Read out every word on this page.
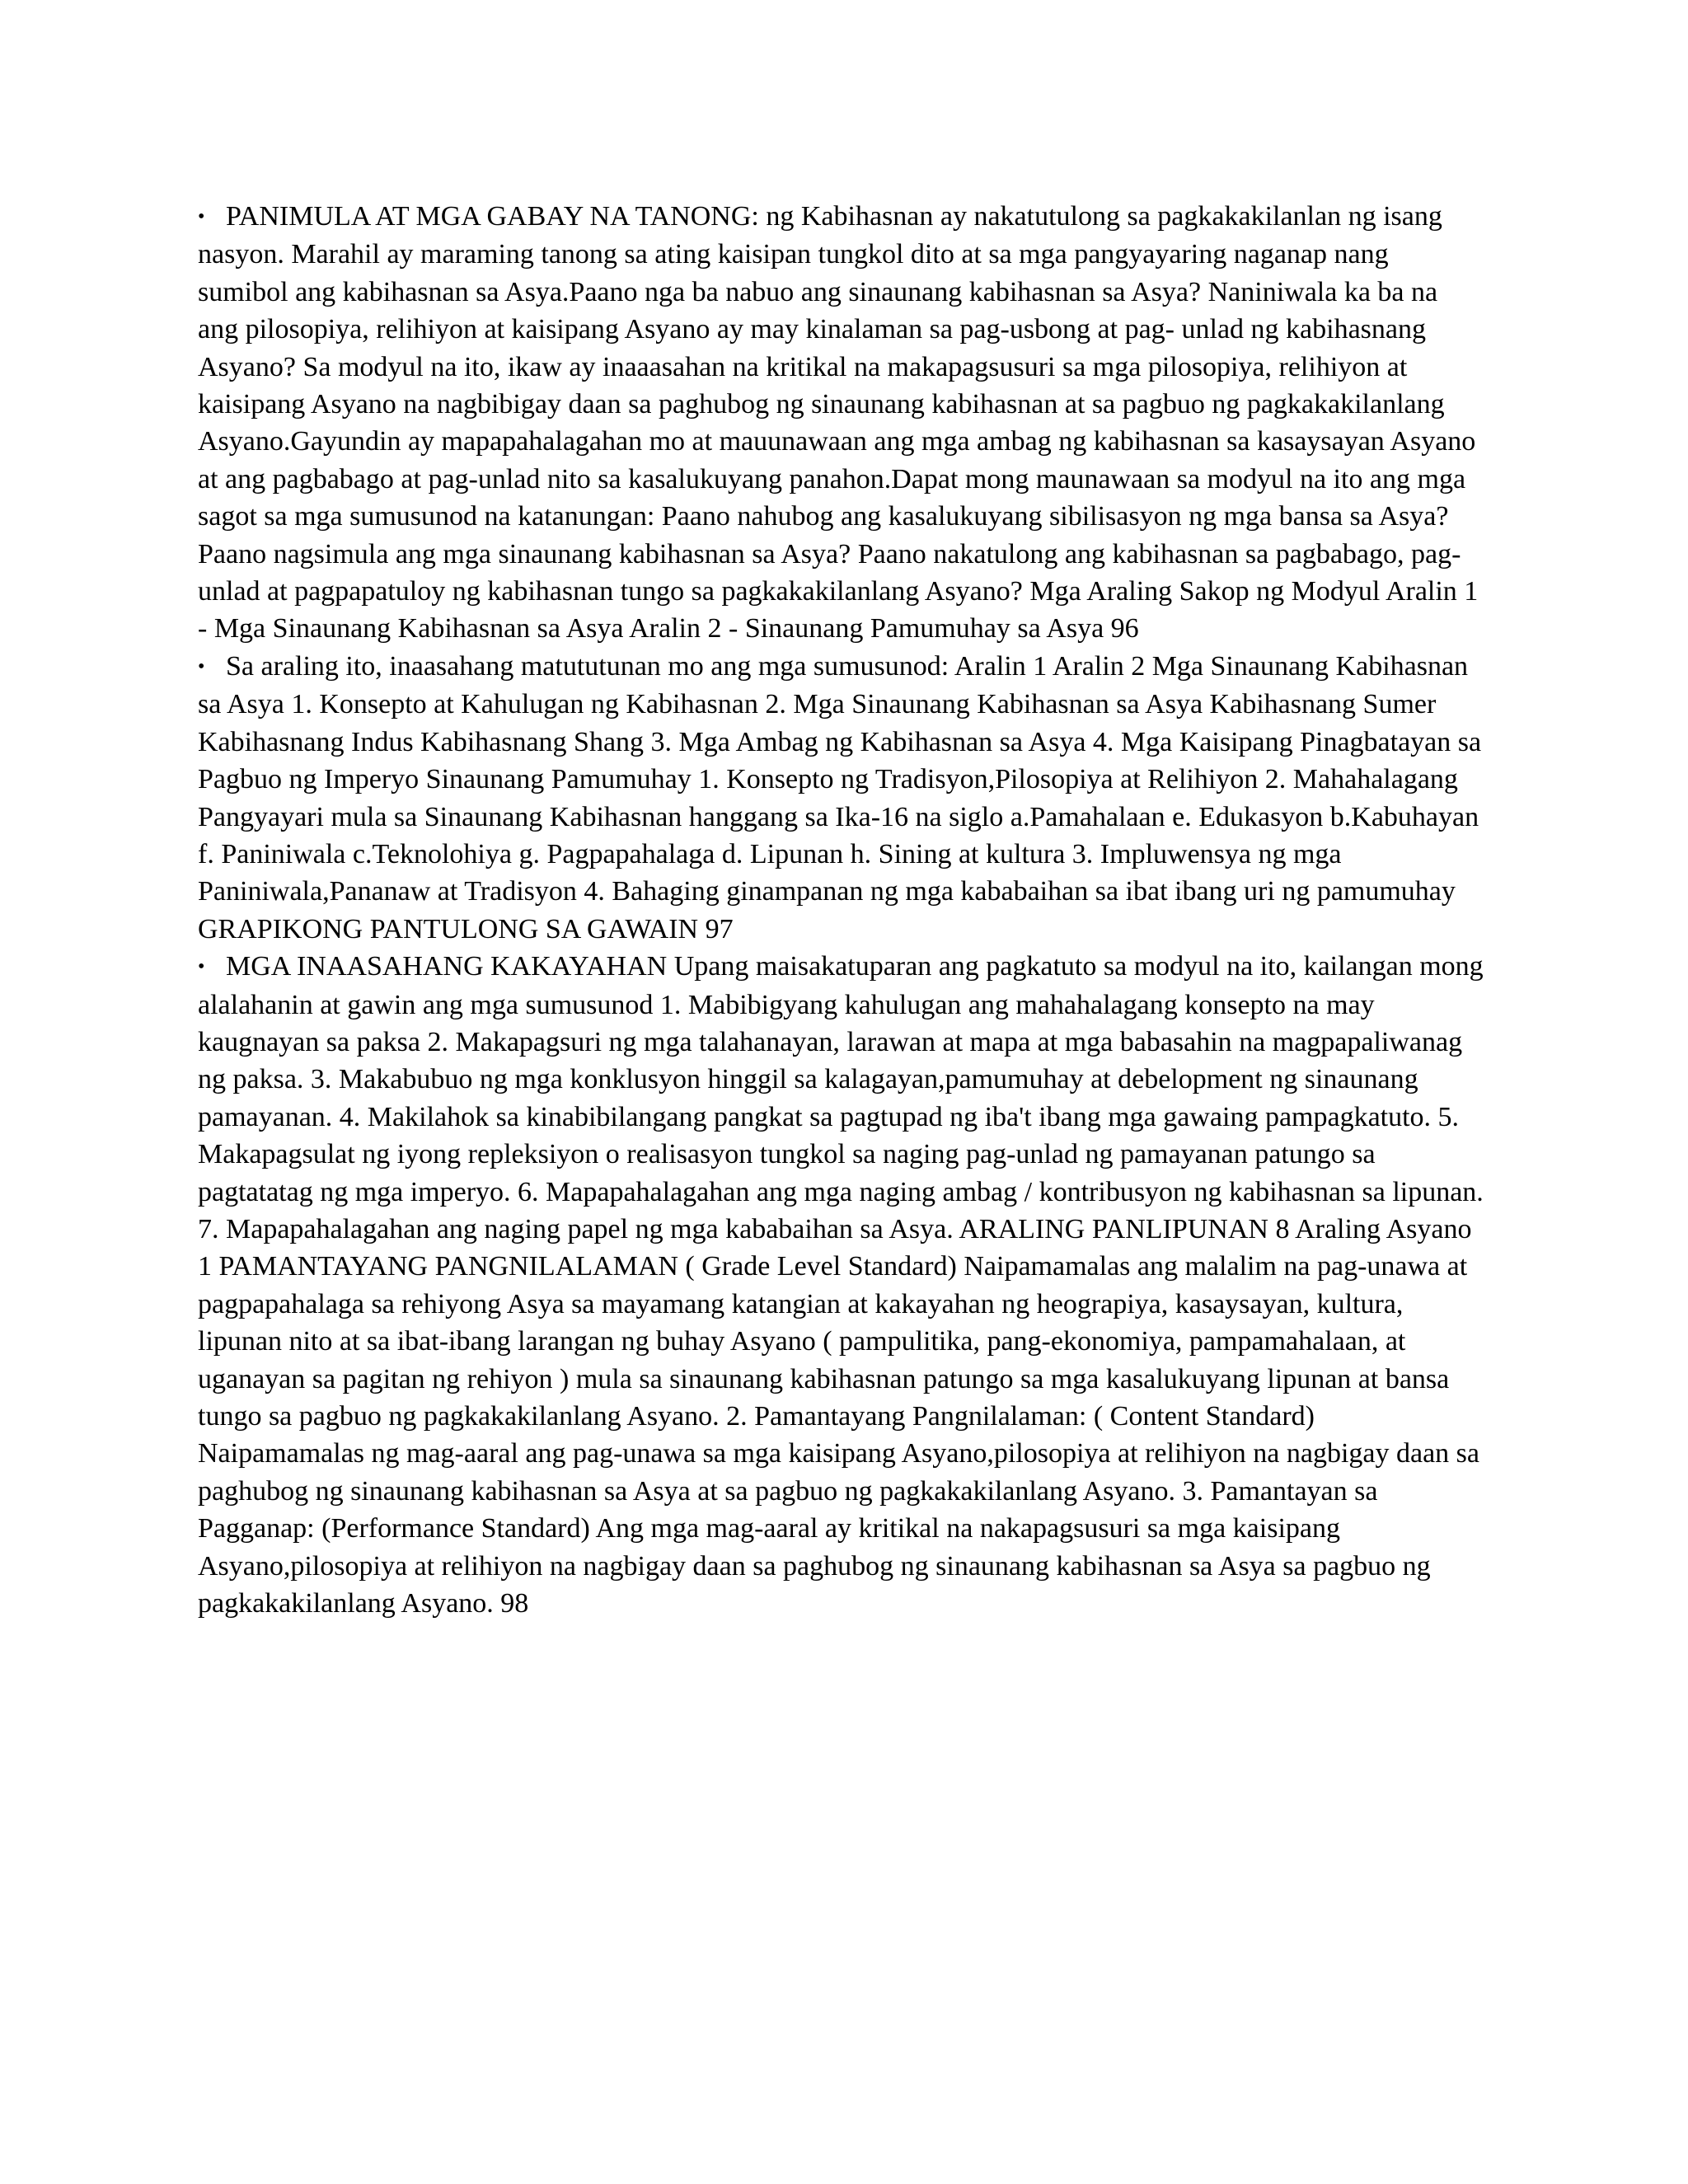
• PANIMULA AT MGA GABAY NA TANONG: ng Kabihasnan ay nakatutulong sa pagkakakilanlan ng isang nasyon. Marahil ay maraming tanong sa ating kaisipan tungkol dito at sa mga pangyayaring naganap nang sumibol ang kabihasnan sa Asya.Paano nga ba nabuo ang sinaunang kabihasnan sa Asya? Naniniwala ka ba na ang pilosopiya, relihiyon at kaisipang Asyano ay may kinalaman sa pag-usbong at pag- unlad ng kabihasnang Asyano? Sa modyul na ito, ikaw ay inaaasahan na kritikal na makapagsusuri sa mga pilosopiya, relihiyon at kaisipang Asyano na nagbibigay daan sa paghubog ng sinaunang kabihasnan at sa pagbuo ng pagkakakilanlang Asyano.Gayundin ay mapapahalagahan mo at mauunawaan ang mga ambag ng kabihasnan sa kasaysayan Asyano at ang pagbabago at pag-unlad nito sa kasalukuyang panahon.Dapat mong maunawaan sa modyul na ito ang mga sagot sa mga sumusunod na katanungan: Paano nahubog ang kasalukuyang sibilisasyon ng mga bansa sa Asya? Paano nagsimula ang mga sinaunang kabihasnan sa Asya? Paano nakatulong ang kabihasnan sa pagbabago, pag-unlad at pagpapatuloy ng kabihasnan tungo sa pagkakakilanlang Asyano? Mga Araling Sakop ng Modyul Aralin 1 - Mga Sinaunang Kabihasnan sa Asya Aralin 2 - Sinaunang Pamumuhay sa Asya 96

• Sa araling ito, inaasahang matututunan mo ang mga sumusunod: Aralin 1 Aralin 2 Mga Sinaunang Kabihasnan sa Asya 1. Konsepto at Kahulugan ng Kabihasnan 2. Mga Sinaunang Kabihasnan sa Asya Kabihasnang Sumer Kabihasnang Indus Kabihasnang Shang 3. Mga Ambag ng Kabihasnan sa Asya 4. Mga Kaisipang Pinagbatayan sa Pagbuo ng Imperyo Sinaunang Pamumuhay 1. Konsepto ng Tradisyon,Pilosopiya at Relihiyon 2. Mahahalagang Pangyayari mula sa Sinaunang Kabihasnan hanggang sa Ika-16 na siglo a.Pamahalaan e. Edukasyon b.Kabuhayan f. Paniniwala c.Teknolohiya g. Pagpapahalaga d. Lipunan h. Sining at kultura 3. Impluwensya ng mga Paniniwala,Pananaw at Tradisyon 4. Bahaging ginampanan ng mga kababaihan sa ibat ibang uri ng pamumuhay GRAPIKONG PANTULONG SA GAWAIN 97

• MGA INAASAHANG KAKAYAHAN Upang maisakatuparan ang pagkatuto sa modyul na ito, kailangan mong alalahanin at gawin ang mga sumusunod 1. Mabibigyang kahulugan ang mahahalagang konsepto na may kaugnayan sa paksa 2. Makapagsuri ng mga talahanayan, larawan at mapa at mga babasahin na magpapaliwanag ng paksa. 3. Makabubuo ng mga konklusyon hinggil sa kalagayan,pamumuhay at debelopment ng sinaunang pamayanan. 4. Makilahok sa kinabibilangang pangkat sa pagtupad ng iba't ibang mga gawaing pampagkatuto. 5. Makapagsulat ng iyong repleksiyon o realisasyon tungkol sa naging pag-unlad ng pamayanan patungo sa pagtatatag ng mga imperyo. 6. Mapapahalagahan ang mga naging ambag / kontribusyon ng kabihasnan sa lipunan. 7. Mapapahalagahan ang naging papel ng mga kababaihan sa Asya. ARALING PANLIPUNAN 8 Araling Asyano 1 PAMANTAYANG PANGNILALAMAN ( Grade Level Standard) Naipamamalas ang malalim na pag-unawa at pagpapahalaga sa rehiyong Asya sa mayamang katangian at kakayahan ng heograpiya, kasaysayan, kultura, lipunan nito at sa ibat-ibang larangan ng buhay Asyano ( pampulitika, pang-ekonomiya, pampamahalaan, at uganayan sa pagitan ng rehiyon ) mula sa sinaunang kabihasnan patungo sa mga kasalukuyang lipunan at bansa tungo sa pagbuo ng pagkakakilanlang Asyano. 2. Pamantayang Pangnilalaman: ( Content Standard) Naipamamalas ng mag-aaral ang pag-unawa sa mga kaisipang Asyano,pilosopiya at relihiyon na nagbigay daan sa paghubog ng sinaunang kabihasnan sa Asya at sa pagbuo ng pagkakakilanlang Asyano. 3. Pamantayan sa Pagganap: (Performance Standard) Ang mga mag-aaral ay kritikal na nakapagsusuri sa mga kaisipang Asyano,pilosopiya at relihiyon na nagbigay daan sa paghubog ng sinaunang kabihasnan sa Asya sa pagbuo ng pagkakakilanlang Asyano. 98
